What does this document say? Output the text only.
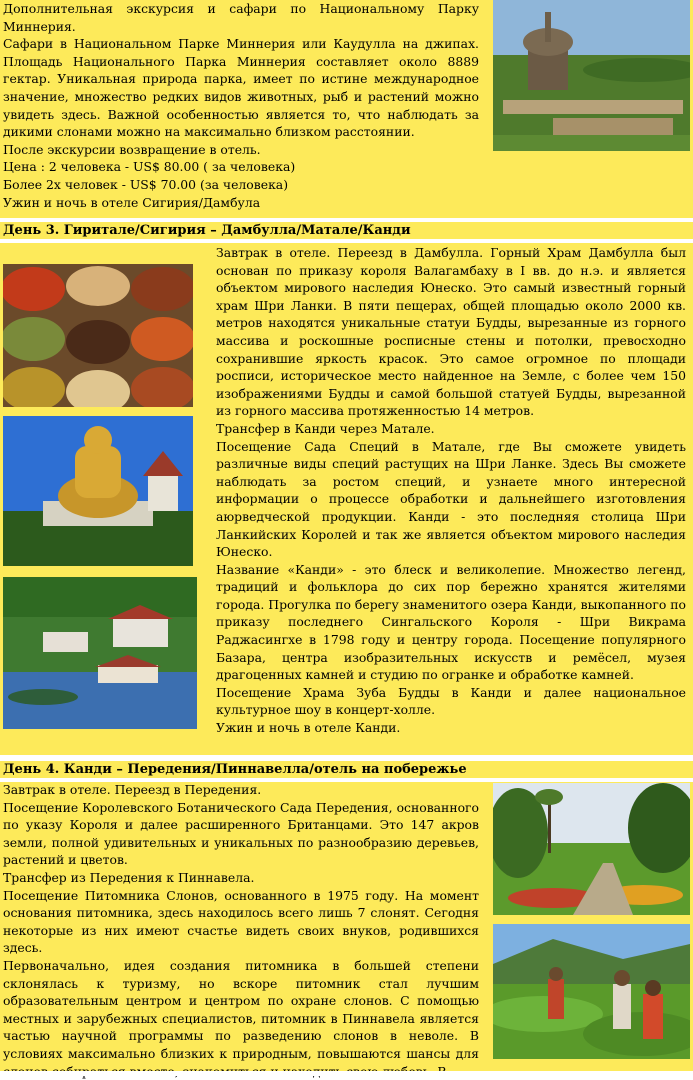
Дополнительная экскурсия и сафари по Национальному Парку Миннерия.

Сафари в Национальном Парке Миннерия или Каудулла на джипах. Площадь Национального Парка Миннерия составляет около 8889 гектар. Уникальная природа парка, имеет по истине международное значение, множество редких видов животных, рыб и растений можно увидеть здесь. Важной особенностью является то, что наблюдать за дикими слонами можно на максимально близком расстоянии.

После экскурсии возвращение в отель.

Цена : 2 человека - US$ 80.00 ( за человека)

Более 2х человек - US$ 70.00 (за человека)

Ужин и ночь в отеле Сигирия/Дамбула

День 3. Гиритале/Сигирия – Дамбулла/Матале/Канди

Завтрак в отеле. Переезд в Дамбулла. Горный Храм Дамбулла был основан по приказу короля Валагамбаху в I вв. до н.э. и является объектом мирового наследия Юнеско. Это самый известный горный храм Шри Ланки. В пяти пещерах, общей площадью около 2000 кв. метров находятся уникальные статуи Будды, вырезанные из горного массива и роскошные росписные стены и потолки, превосходно сохранившие яркость красок. Это самое огромное по площади росписи, историческое место найденное на Земле, с более чем 150 изображениями Будды и самой большой статуей Будды, вырезанной из горного массива протяженностью 14 метров.

Трансфер в Канди через Матале.

Посещение Сада Специй в Матале, где Вы сможете увидеть различные виды специй растущих на Шри Ланке. Здесь Вы сможете наблюдать за ростом специй, и узнаете много интересной информации о процессе обработки и дальнейшего изготовления аюрведческой продукции. Канди - это последняя столица Шри Ланкийских Королей и так же является объектом мирового наследия Юнеско.

Название «Канди» - это блеск и великолепие. Множество легенд, традиций и фольклора до сих пор бережно хранятся жителями города. Прогулка по берегу знаменитого озера Канди, выкопанного по приказу последнего Сингальского Короля - Шри Викрама Раджасингхе в 1798 году и центру города. Посещение популярного Базара, центра изобразительных искусств и ремёсел, музея драгоценных камней и студию по огранке и обработке камней.

Посещение Храма Зуба Будды в Канди и далее национальное культурное шоу в концерт-холле.

Ужин и ночь в отеле Канди.

День 4. Канди – Передения/Пиннавелла/отель на побережье

Завтрак в отеле. Переезд в Передения.

Посещение Королевского Ботанического Сада Передения, основанного по указу Короля и далее расширенного Британцами. Это 147 акров земли, полной удивительных и уникальных по разнообразию деревьев, растений и цветов.

Трансфер из Передения к Пиннавела.

Посещение Питомника Слонов, основанного в 1975 году. На момент основания питомника, здесь находилось всего лишь 7 слонят. Сегодня некоторые из них имеют счастье видеть своих внуков, родившихся здесь.

Первоначально, идея создания питомника в большей степени склонялась к туризму, но вскоре питомник стал лучшим образовательным центром и центром по охране слонов. С помощью местных и зарубежных специалистов, питомник в Пиннавела является частью научной программы по разведению слонов в неволе. В условиях максимально близких к природным, повышаются шансы для
